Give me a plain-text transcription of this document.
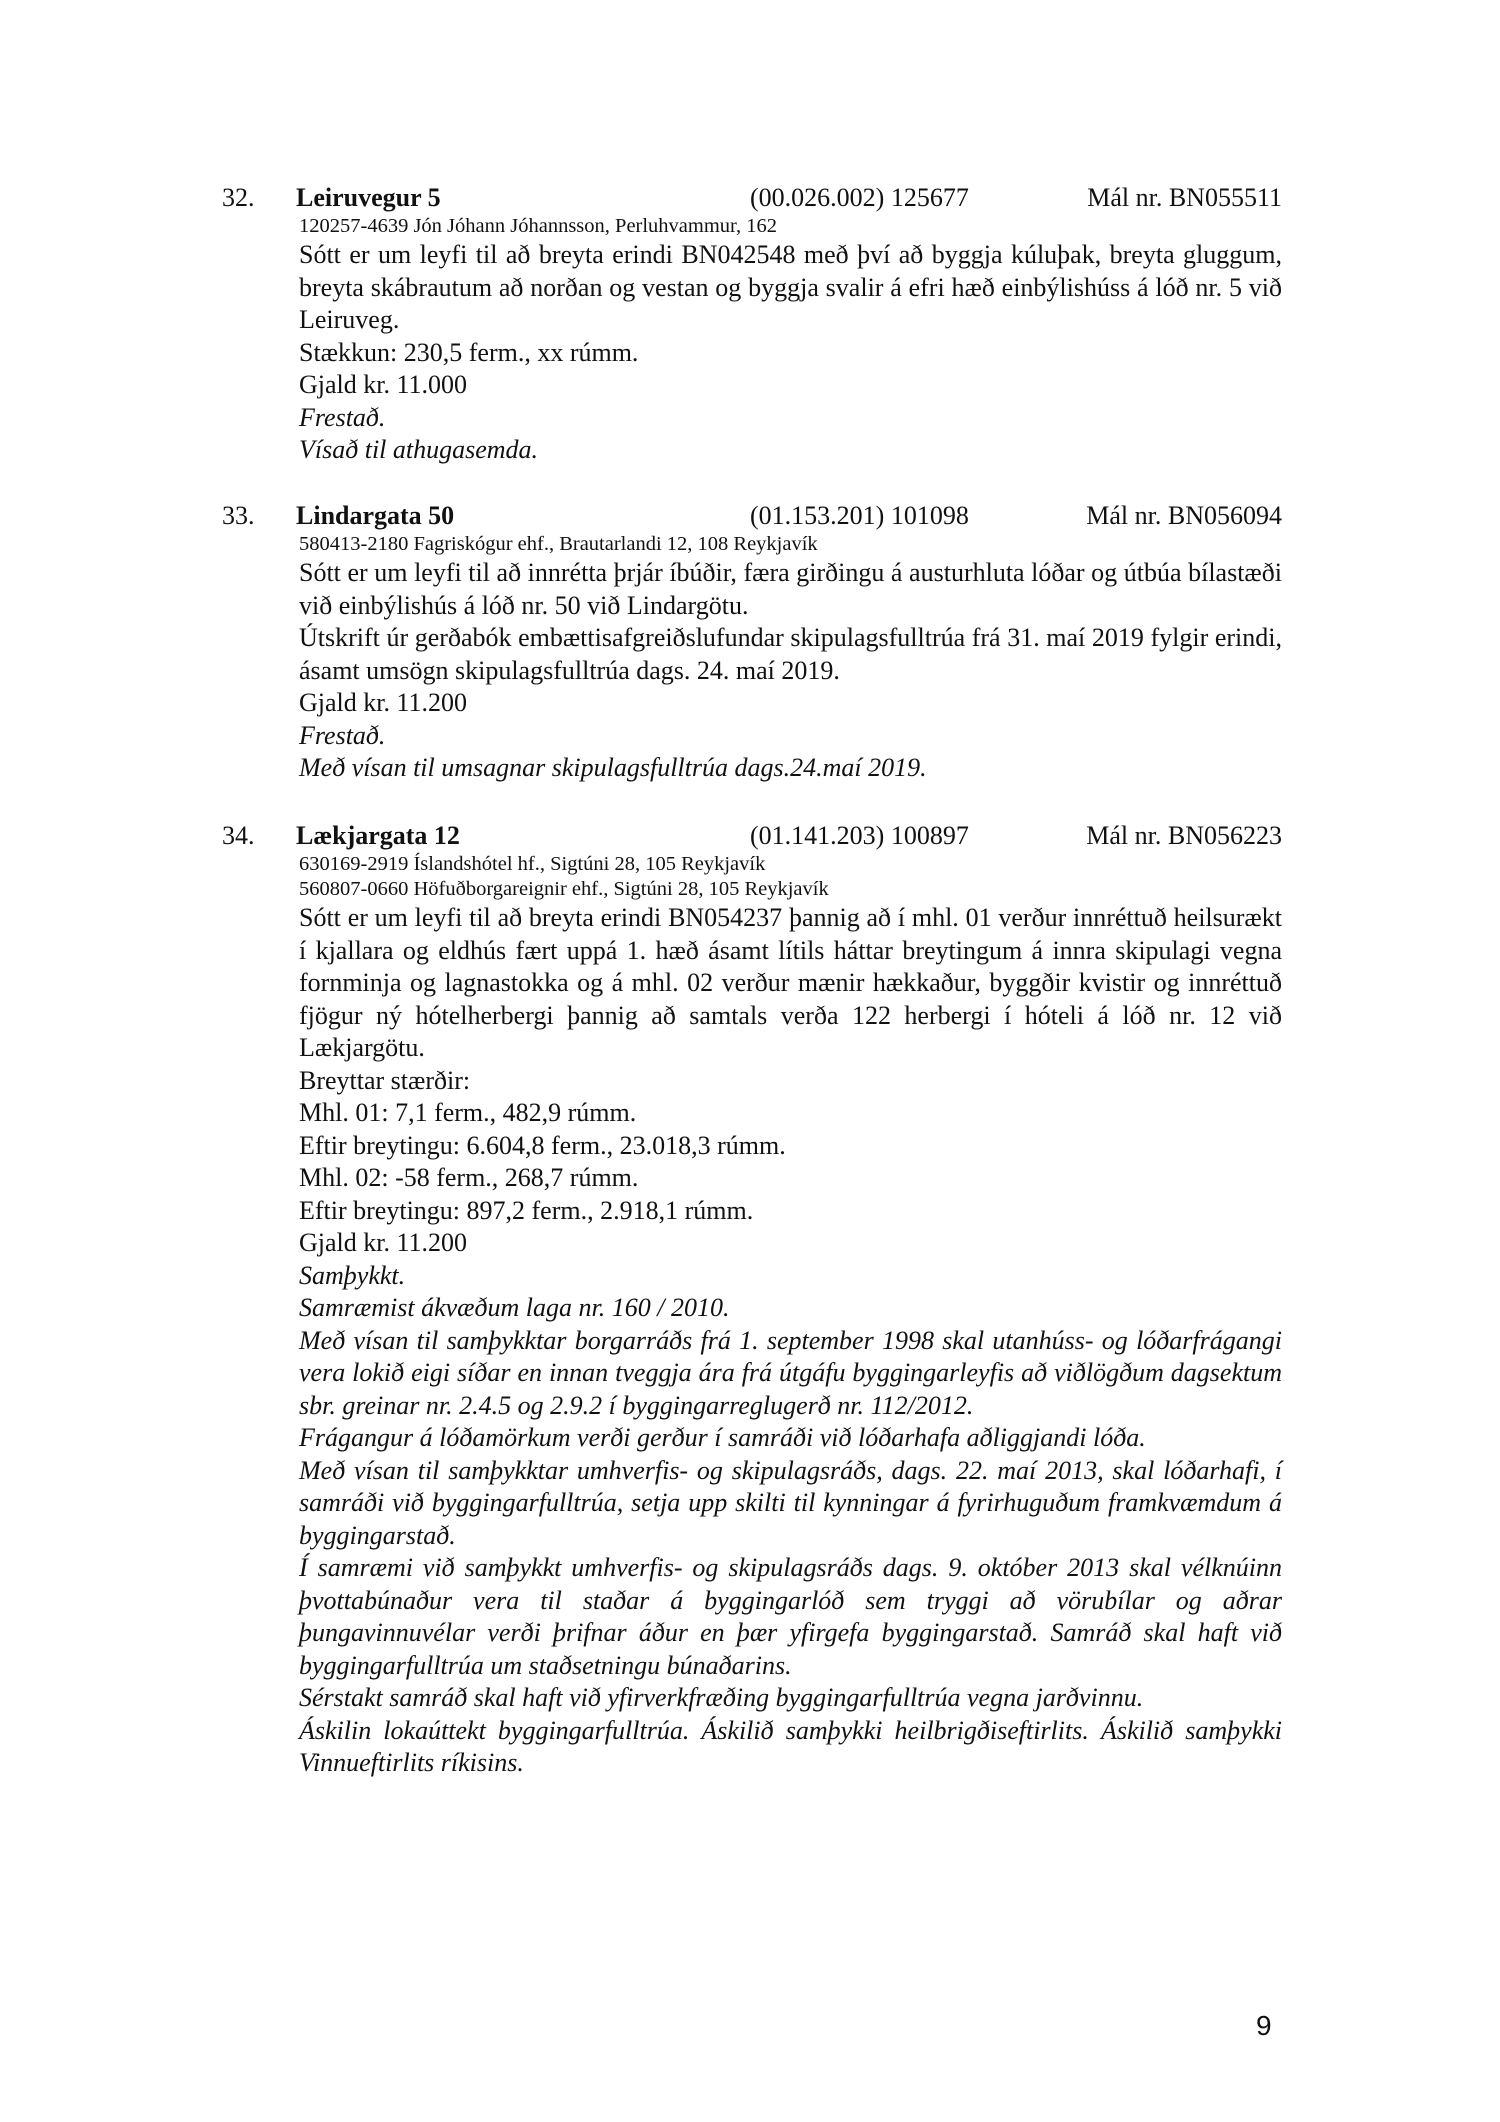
32. Leiruvegur 5	(00.026.002) 125677	Mál nr. BN055511
120257-4639 Jón Jóhann Jóhannsson, Perluhvammur, 162
Sótt er um leyfi til að breyta erindi BN042548 með því að byggja kúluþak, breyta gluggum, breyta skábrautum að norðan og vestan og byggja svalir á efri hæð einbýlishúss á lóð nr. 5 við Leiruveg.
Stækkun: 230,5 ferm., xx rúmm.
Gjald kr. 11.000
Frestað.
Vísað til athugasemda.
33. Lindargata 50	(01.153.201) 101098	Mál nr. BN056094
580413-2180 Fagriskógur ehf., Brautarlandi 12, 108 Reykjavík
Sótt er um leyfi til að innrétta þrjár íbúðir, færa girðingu á austurhluta lóðar og útbúa bílastæði við einbýlishús á lóð nr. 50 við Lindargötu.
Útskrift úr gerðabók embættisafgreiðslufundar skipulagsfulltrúa frá 31. maí 2019 fylgir erindi, ásamt umsögn skipulagsfulltrúa dags. 24. maí 2019.
Gjald kr. 11.200
Frestað.
Með vísan til umsagnar skipulagsfulltrúa dags.24.maí 2019.
34. Lækjargata 12	(01.141.203) 100897	Mál nr. BN056223
630169-2919 Íslandshótel hf., Sigtúni 28, 105 Reykjavík
560807-0660 Höfuðborgareignir ehf., Sigtúni 28, 105 Reykjavík
Sótt er um leyfi til að breyta erindi BN054237 þannig að í mhl. 01 verður innréttuð heilsurækt í kjallara og eldhús fært uppá 1. hæð ásamt lítils háttar breytingum á innra skipulagi vegna fornminja og lagnastokka og á mhl. 02 verður mænir hækkaður, byggðir kvistir og innréttuð fjögur ný hótelherbergi þannig að samtals verða 122 herbergi í hóteli á lóð nr. 12 við Lækjargötu.
Breyttar stærðir:
Mhl. 01: 7,1 ferm., 482,9 rúmm.
Eftir breytingu: 6.604,8 ferm., 23.018,3 rúmm.
Mhl. 02: -58 ferm., 268,7 rúmm.
Eftir breytingu: 897,2 ferm., 2.918,1 rúmm.
Gjald kr. 11.200
Samþykkt.
Samræmist ákvæðum laga nr. 160 / 2010.
Með vísan til samþykktar borgarráðs frá 1. september 1998 skal utanhúss- og lóðarfrágangi vera lokið eigi síðar en innan tveggja ára frá útgáfu byggingarleyfis að viðlögðum dagsektum sbr. greinar nr. 2.4.5 og 2.9.2 í byggingarreglugerð nr. 112/2012.
Frágangur á lóðamörkum verði gerður í samráði við lóðarhafa aðliggjandi lóða.
Með vísan til samþykktar umhverfis- og skipulagsráðs, dags. 22. maí 2013, skal lóðarhafi, í samráði við byggingarfulltrúa, setja upp skilti til kynningar á fyrirhuguðum framkvæmdum á byggingarstað.
Í samræmi við samþykkt umhverfis- og skipulagsráðs dags. 9. október 2013 skal vélknúinn þvottabúnaður vera til staðar á byggingarlóð sem tryggi að vörubílar og aðrar þungavinnuvélar verði þrifnar áður en þær yfirgefa byggingarstað. Samráð skal haft við byggingarfulltrúa um staðsetningu búnaðarins.
Sérstakt samráð skal haft við yfirverkfræðing byggingarfulltrúa vegna jarðvinnu.
Áskilin lokaúttekt byggingarfulltrúa. Áskilið samþykki heilbrigðiseftirlits. Áskilið samþykki Vinnueftirlits ríkisins.
9
